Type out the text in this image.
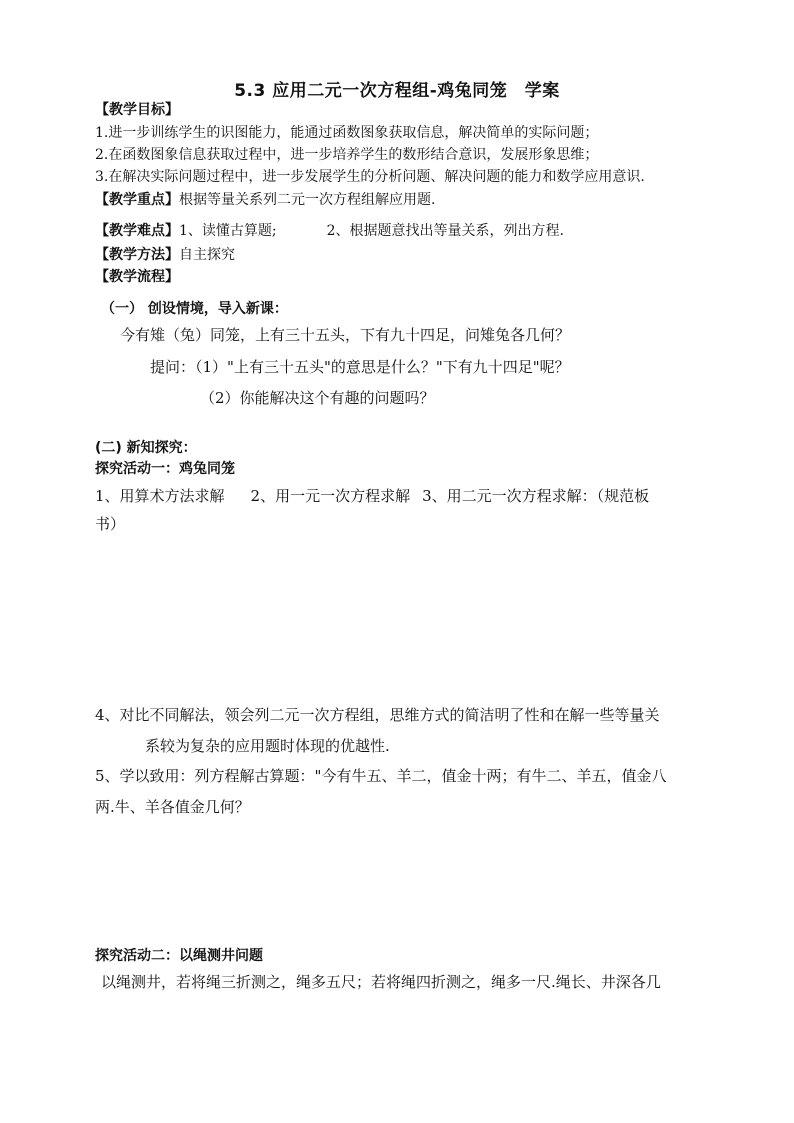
5.3 应用二元一次方程组-鸡兔同笼　学案
【教学目标】
1.进一步训练学生的识图能力，能通过函数图象获取信息，解决简单的实际问题；
2.在函数图象信息获取过程中，进一步培养学生的数形结合意识，发展形象思维；
3.在解决实际问题过程中，进一步发展学生的分析问题、解决问题的能力和数学应用意识.
【教学重点】根据等量关系列二元一次方程组解应用题.
【教学难点】1、读懂古算题;	2、根据题意找出等量关系，列出方程.
【教学方法】自主探究
【教学流程】
（一） 创设情境，导入新课：
今有雉（兔）同笼，上有三十五头，下有九十四足，问雉兔各几何？
提问：（1）"上有三十五头"的意思是什么？"下有九十四足"呢？
（2）你能解决这个有趣的问题吗？
(二) 新知探究：
探究活动一：鸡兔同笼
1、用算术方法求解 2、用一元一次方程求解 3、用二元一次方程求解：（规范板
书）
4、对比不同解法，领会列二元一次方程组，思维方式的简洁明了性和在解一些等量关
系较为复杂的应用题时体现的优越性.
5、学以致用：列方程解古算题："今有牛五、羊二，值金十两；有牛二、羊五，值金八
两.牛、羊各值金几何？
探究活动二：以绳测井问题
以绳测井，若将绳三折测之，绳多五尺；若将绳四折测之，绳多一尺.绳长、井深各几
